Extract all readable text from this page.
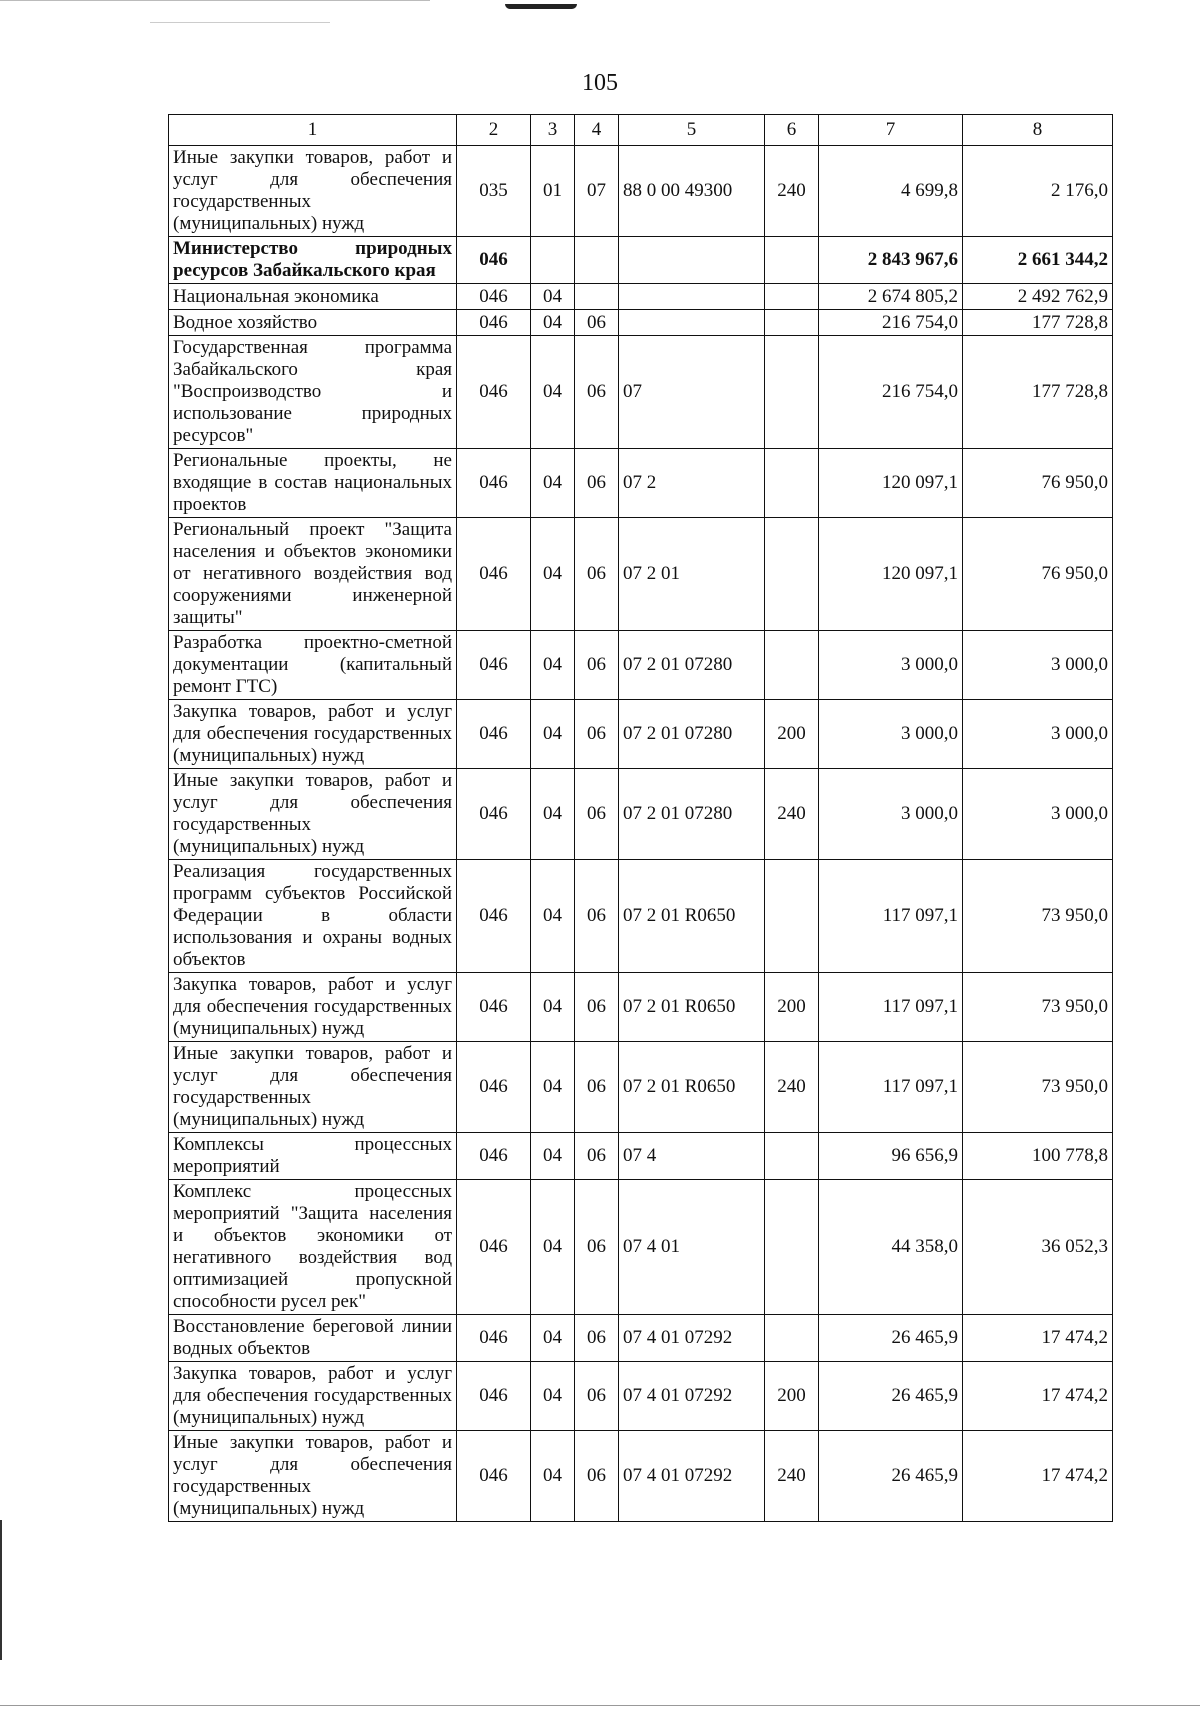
105
1	2	3	4	5	6	7	8
Иные закупки товаров, работ и услуг для обеспечения государственных (муниципальных) нужд	035	01	07	88 0 00 49300	240	4 699,8	2 176,0
Министерство природных ресурсов Забайкальского края	046					2 843 967,6	2 661 344,2
Национальная экономика	046	04				2 674 805,2	2 492 762,9
Водное хозяйство	046	04	06			216 754,0	177 728,8
Государственная программа Забайкальского края "Воспроизводство и использование природных ресурсов"	046	04	06	07		216 754,0	177 728,8
Региональные проекты, не входящие в состав национальных проектов	046	04	06	07 2		120 097,1	76 950,0
Региональный проект "Защита населения и объектов экономики от негативного воздействия вод сооружениями инженерной защиты"	046	04	06	07 2 01		120 097,1	76 950,0
Разработка проектно-сметной документации (капитальный ремонт ГТС)	046	04	06	07 2 01 07280		3 000,0	3 000,0
Закупка товаров, работ и услуг для обеспечения государственных (муниципальных) нужд	046	04	06	07 2 01 07280	200	3 000,0	3 000,0
Иные закупки товаров, работ и услуг для обеспечения государственных (муниципальных) нужд	046	04	06	07 2 01 07280	240	3 000,0	3 000,0
Реализация государственных программ субъектов Российской Федерации в области использования и охраны водных объектов	046	04	06	07 2 01 R0650		117 097,1	73 950,0
Закупка товаров, работ и услуг для обеспечения государственных (муниципальных) нужд	046	04	06	07 2 01 R0650	200	117 097,1	73 950,0
Иные закупки товаров, работ и услуг для обеспечения государственных (муниципальных) нужд	046	04	06	07 2 01 R0650	240	117 097,1	73 950,0
Комплексы процессных мероприятий	046	04	06	07 4		96 656,9	100 778,8
Комплекс процессных мероприятий "Защита населения и объектов экономики от негативного воздействия вод оптимизацией пропускной способности русел рек"	046	04	06	07 4 01		44 358,0	36 052,3
Восстановление береговой линии водных объектов	046	04	06	07 4 01 07292		26 465,9	17 474,2
Закупка товаров, работ и услуг для обеспечения государственных (муниципальных) нужд	046	04	06	07 4 01 07292	200	26 465,9	17 474,2
Иные закупки товаров, работ и услуг для обеспечения государственных (муниципальных) нужд	046	04	06	07 4 01 07292	240	26 465,9	17 474,2
